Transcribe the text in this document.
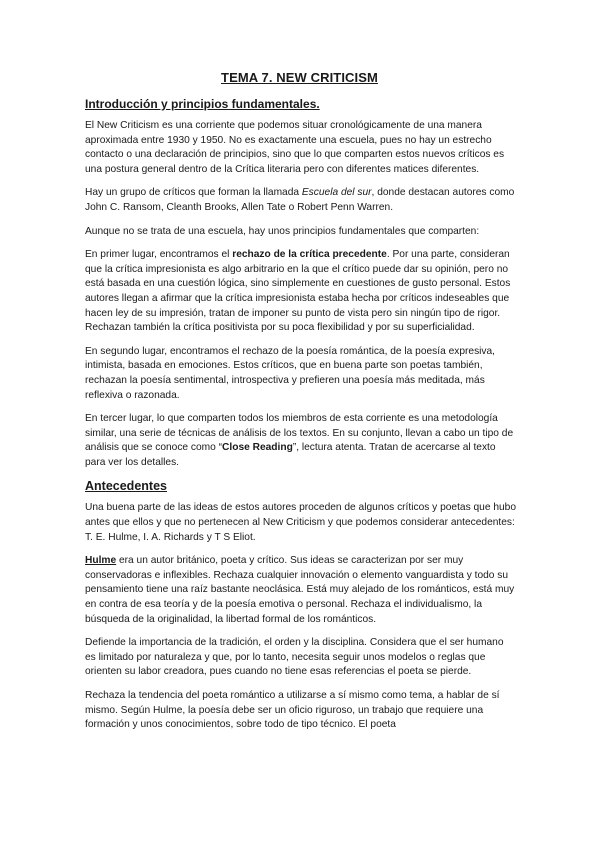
TEMA 7. NEW CRITICISM
Introducción y principios fundamentales.

El New Criticism es una corriente que podemos situar cronológicamente de una manera aproximada entre 1930 y 1950. No es exactamente una escuela, pues no hay un estrecho contacto o una declaración de principios, sino que lo que comparten estos nuevos críticos es una postura general dentro de la Crítica literaria pero con diferentes matices diferentes.

Hay un grupo de críticos que forman la llamada Escuela del sur, donde destacan autores como John C. Ransom, Cleanth Brooks, Allen Tate o Robert Penn Warren.

Aunque no se trata de una escuela, hay unos principios fundamentales que comparten:

En primer lugar, encontramos el rechazo de la crítica precedente. Por una parte, consideran que la crítica impresionista es algo arbitrario en la que el crítico puede dar su opinión, pero no está basada en una cuestión lógica, sino simplemente en cuestiones de gusto personal. Estos autores llegan a afirmar que la crítica impresionista estaba hecha por críticos indeseables que hacen ley de su impresión, tratan de imponer su punto de vista pero sin ningún tipo de rigor. Rechazan también la crítica positivista por su poca flexibilidad y por su superficialidad.

En segundo lugar, encontramos el rechazo de la poesía romántica, de la poesía expresiva, intimista, basada en emociones. Estos críticos, que en buena parte son poetas también, rechazan la poesía sentimental, introspectiva y prefieren una poesía más meditada, más reflexiva o razonada.

En tercer lugar, lo que comparten todos los miembros de esta corriente es una metodología similar, una serie de técnicas de análisis de los textos. En su conjunto, llevan a cabo un tipo de análisis que se conoce como “Close Reading”, lectura atenta. Tratan de acercarse al texto para ver los detalles.

Antecedentes

Una buena parte de las ideas de estos autores proceden de algunos críticos y poetas que hubo antes que ellos y que no pertenecen al New Criticism y que podemos considerar antecedentes: T. E. Hulme, I. A. Richards y T S Eliot.

Hulme era un autor británico, poeta y crítico. Sus ideas se caracterizan por ser muy conservadoras e inflexibles. Rechaza cualquier innovación o elemento vanguardista y todo su pensamiento tiene una raíz bastante neoclásica. Está muy alejado de los románticos, está muy en contra de esa teoría y de la poesía emotiva o personal. Rechaza el individualismo, la búsqueda de la originalidad, la libertad formal de los románticos.

Defiende la importancia de la tradición, el orden y la disciplina. Considera que el ser humano es limitado por naturaleza y que, por lo tanto, necesita seguir unos modelos o reglas que orienten su labor creadora, pues cuando no tiene esas referencias el poeta se pierde.

Rechaza la tendencia del poeta romántico a utilizarse a sí mismo como tema, a hablar de sí mismo. Según Hulme, la poesía debe ser un oficio riguroso, un trabajo que requiere una formación y unos conocimientos, sobre todo de tipo técnico. El poeta
